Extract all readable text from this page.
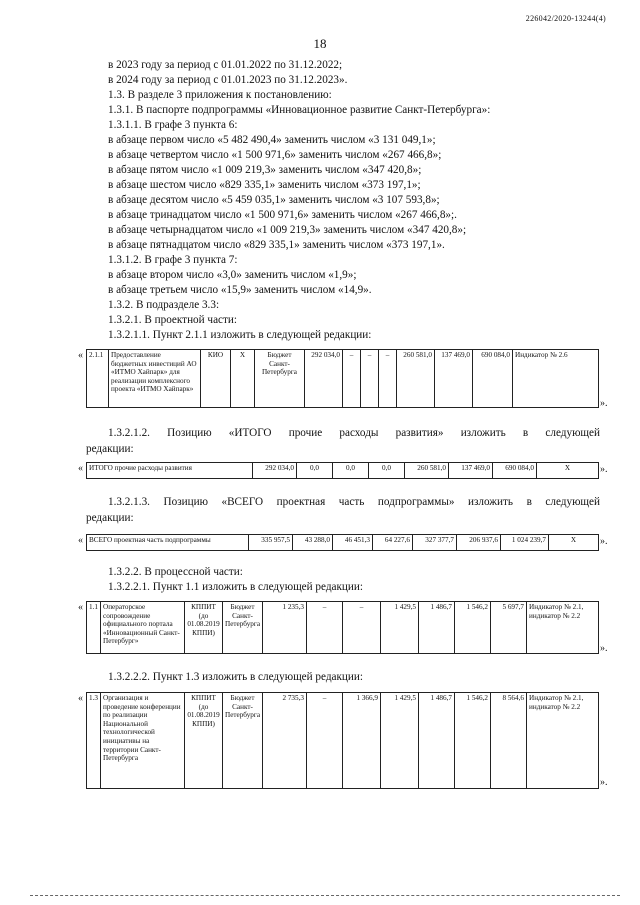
226042/2020-13244(4)
18
в 2023 году за период с 01.01.2022 по 31.12.2022;
в 2024 году за период с 01.01.2023 по 31.12.2023».
1.3. В разделе 3 приложения к постановлению:
1.3.1. В паспорте подпрограммы «Инновационное развитие Санкт-Петербурга»:
1.3.1.1. В графе 3 пункта 6:
в абзаце первом число «5 482 490,4» заменить числом «3 131 049,1»;
в абзаце четвертом число «1 500 971,6» заменить числом «267 466,8»;
в абзаце пятом число «1 009 219,3» заменить числом «347 420,8»;
в абзаце шестом число «829 335,1» заменить числом «373 197,1»;
в абзаце десятом число «5 459 035,1» заменить числом «3 107 593,8»;
в абзаце тринадцатом число «1 500 971,6» заменить числом «267 466,8»;.
в абзаце четырнадцатом число «1 009 219,3» заменить числом «347 420,8»;
в абзаце пятнадцатом число «829 335,1» заменить числом «373 197,1».
1.3.1.2. В графе 3 пункта 7:
в абзаце втором число «3,0» заменить числом «1,9»;
в абзаце третьем число «15,9» заменить числом «14,9».
1.3.2. В подразделе 3.3:
1.3.2.1. В проектной части:
1.3.2.1.1. Пункт 2.1.1 изложить в следующей редакции:
« 2.1.1	Предоставление бюджетных инвестиций АО «ИТМО Хайпарк» для реализации комплексного проекта «ИТМО Хайпарк»	КИО	Х	Бюджет Санкт-Петербурга	292 034,0	–	–	–	260 581,0	137 469,0	690 084,0	Индикатор № 2.6
».
1.3.2.1.2. Позицию «ИТОГО прочие расходы развития» изложить в следующей
редакции:
« ИТОГО прочие расходы развития	292 034,0	0,0	0,0	0,0	260 581,0	137 469,0	690 084,0	Х	».
1.3.2.1.3. Позицию «ВСЕГО проектная часть подпрограммы» изложить в следующей
редакции:
« ВСЕГО проектная часть подпрограммы	335 957,5	43 288,0	46 451,3	64 227,6	327 377,7	206 937,6	1 024 239,7	Х ».
1.3.2.2. В процессной части:
1.3.2.2.1. Пункт 1.1 изложить в следующей редакции:
« 1.1	Операторское сопровождение официального портала «Инновационный Санкт-Петербург»	КППИТ (до 01.08.2019 КППИ)	Бюджет Санкт-Петербурга	1 235,3	–	–	1 429,5	1 486,7	1 546,2	5 697,7	Индикатор № 2.1, индикатор № 2.2
».
1.3.2.2.2. Пункт 1.3 изложить в следующей редакции:
« 1.3	Организация и проведение конференции по реализации Национальной технологической инициативы на территории Санкт-Петербурга	КППИТ (до 01.08.2019 КППИ)	Бюджет Санкт-Петербурга	2 735,3	–	1 366,9	1 429,5	1 486,7	1 546,2	8 564,6	Индикатор № 2.1, индикатор № 2.2
».
